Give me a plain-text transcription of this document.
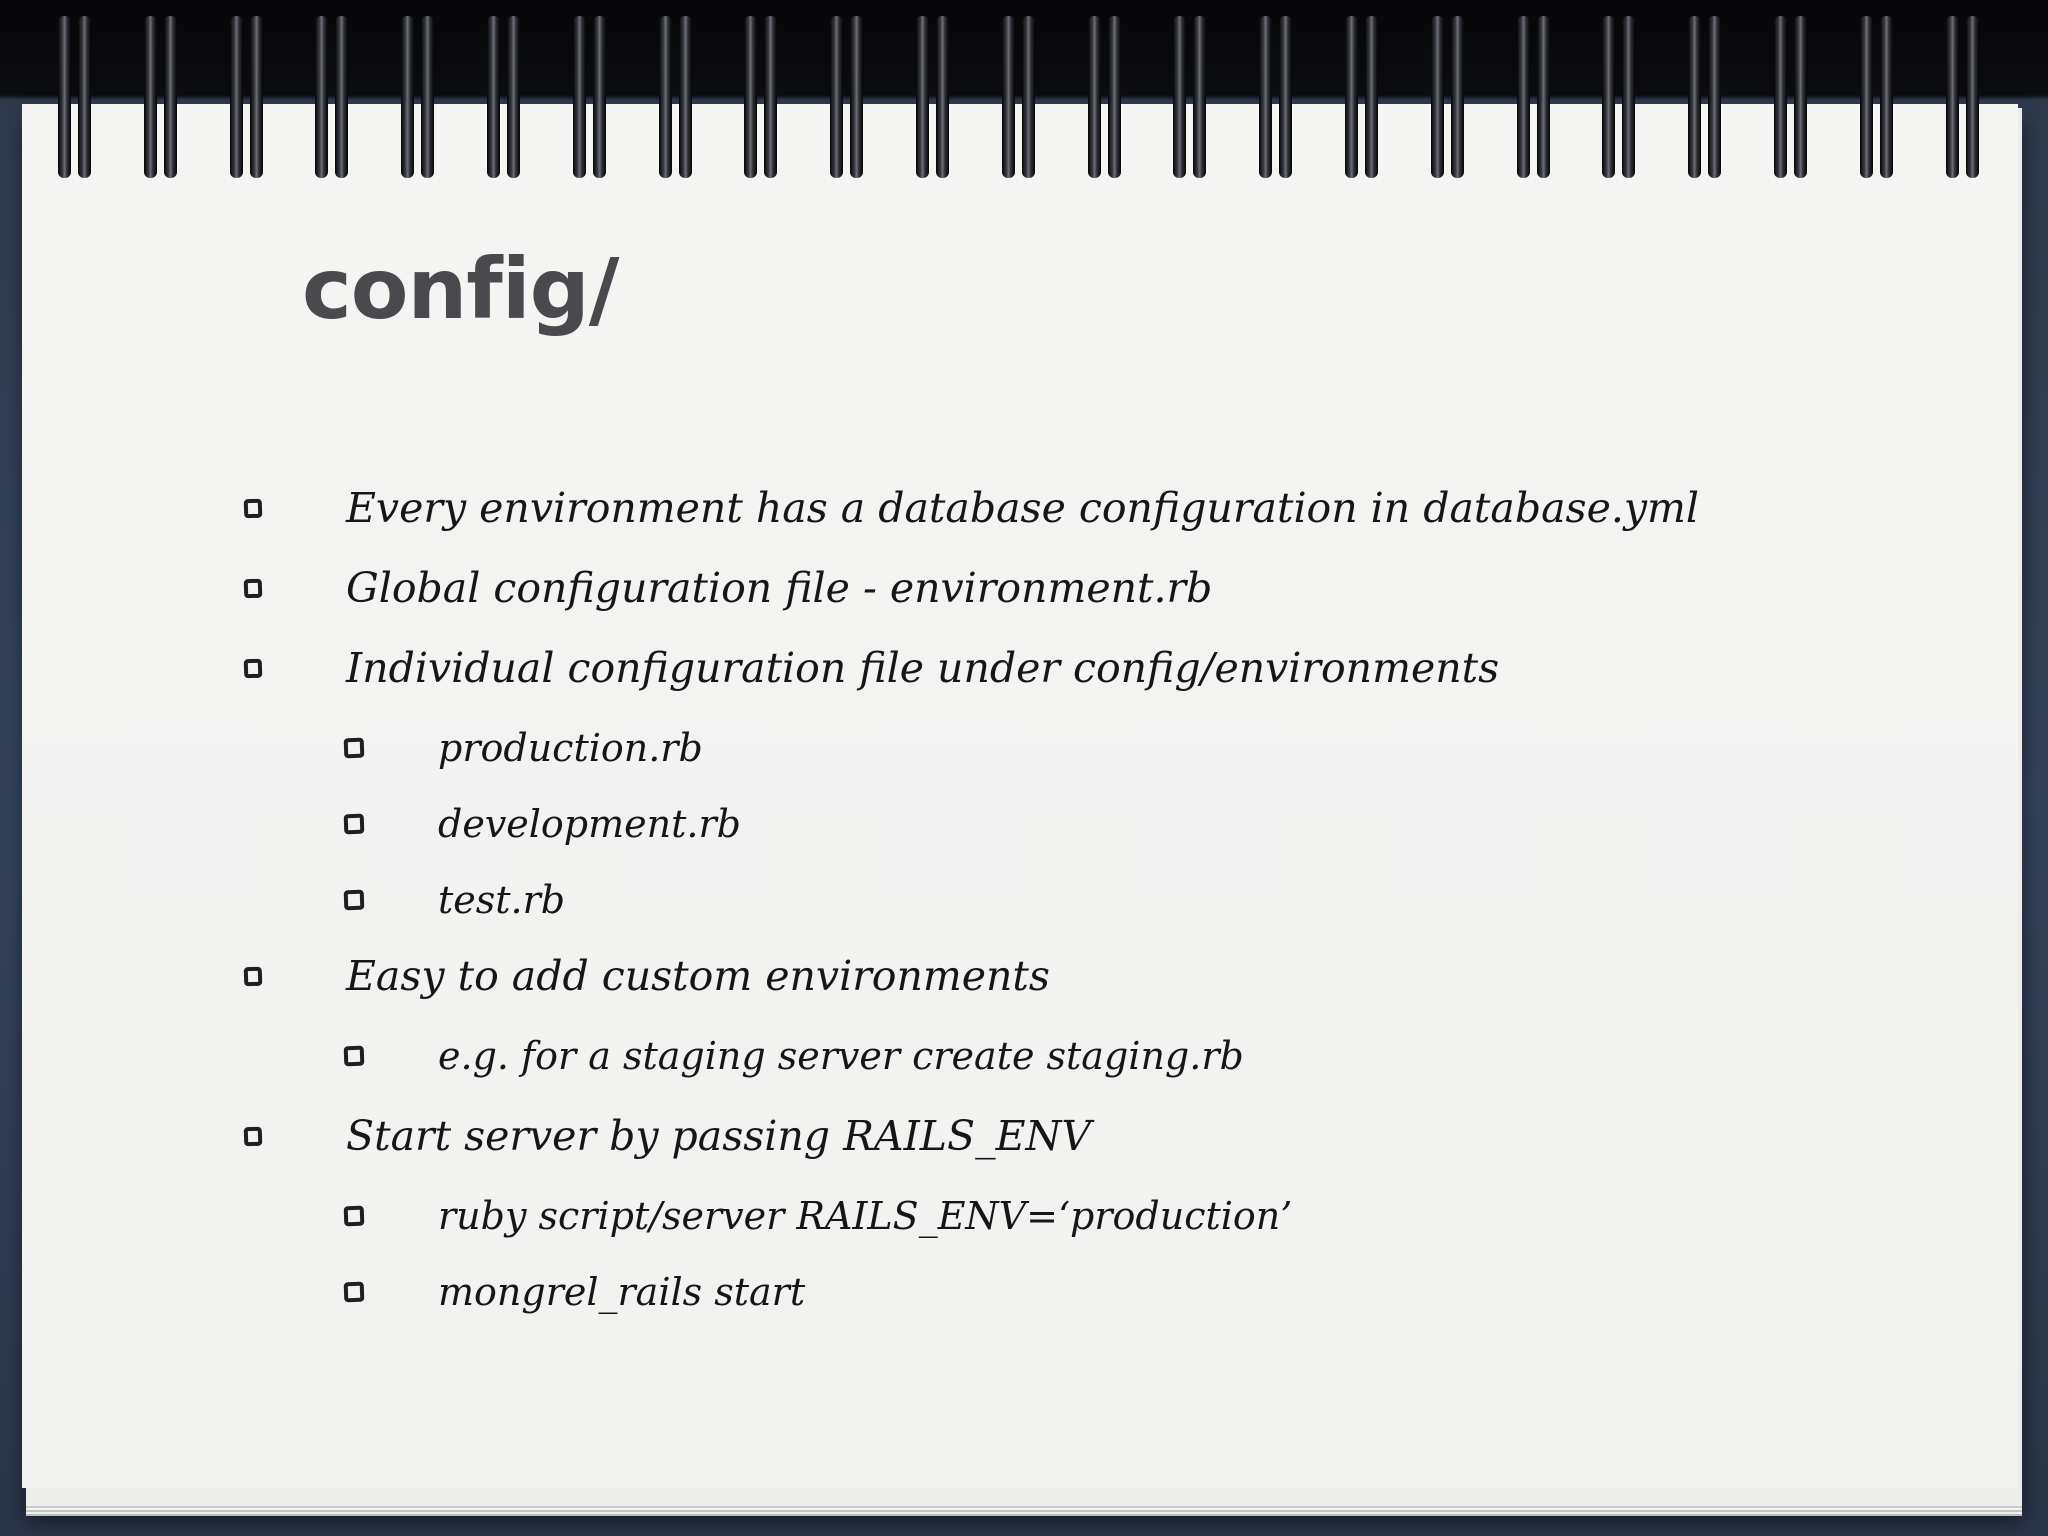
config/
Every environment has a database configuration in database.yml
Global configuration file - environment.rb
Individual configuration file under config/environments
production.rb
development.rb
test.rb
Easy to add custom environments
e.g. for a staging server create staging.rb
Start server by passing RAILS_ENV
ruby script/server RAILS_ENV=‘production’
mongrel_rails start
